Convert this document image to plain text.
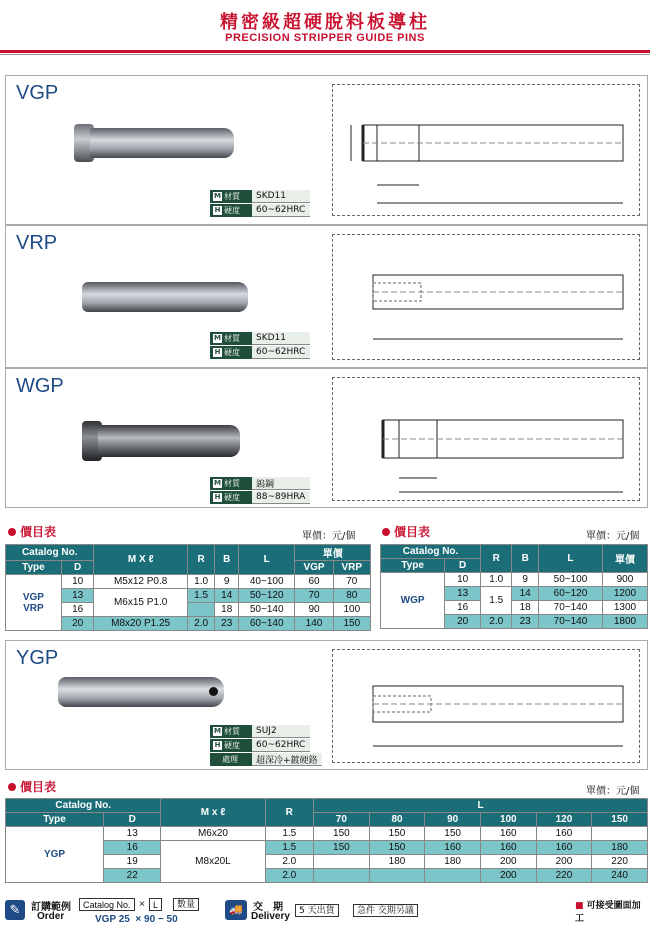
精密級超硬脫料板導柱
PRECISION STRIPPER GUIDE PINS
VGP
M 材質	SKD11
H 硬度	60~62HRC
VRP
M 材質	SKD11
H 硬度	60~62HRC
WGP
M 材質	鎢鋼
H 硬度	88~89HRA
價目表	單價：元/個	價目表	單價：元/個
Catalog No.		M X ℓ	R	B	L	單價	
Type	D					VGP	VRP
VGP
VRP	10	M5x12 P0.8	1.0	9	40~100	60	70
	13	M6x15 P1.0	1.5	14	50~120	70	80
	16			18	50~140	90	100
	20	M8x20 P1.25	2.0	23	60~140	140	150
Catalog No.		R	B	L	單價
Type	D				
WGP	10	1.0	9	50~100	900
	13	1.5	14	60~120	1200
	16		18	70~140	1300
	20	2.0	23	70~140	1800
YGP
M 材質	SUJ2
H 硬度	60~62HRC
處理	超深冷+鍍硬鉻
價目表	單價：元/個
Catalog No.		M x ℓ	R	L					
Type	D			70	80	90	100	120	150
YGP	13	M6x20	1.5	150	150	150	160	160	
	16	M8x20L	1.5	150	150	160	160	160	180
	19		2.0		180	180	200	200	220
	22		2.0				200	220	240
✎	訂購範例
Order
Catalog No. × L	數量
VGP 25  × 90 − 50
🚚	交　期
Delivery	5 天出貨	急件 交期另議	■ 可接受圖面加工
